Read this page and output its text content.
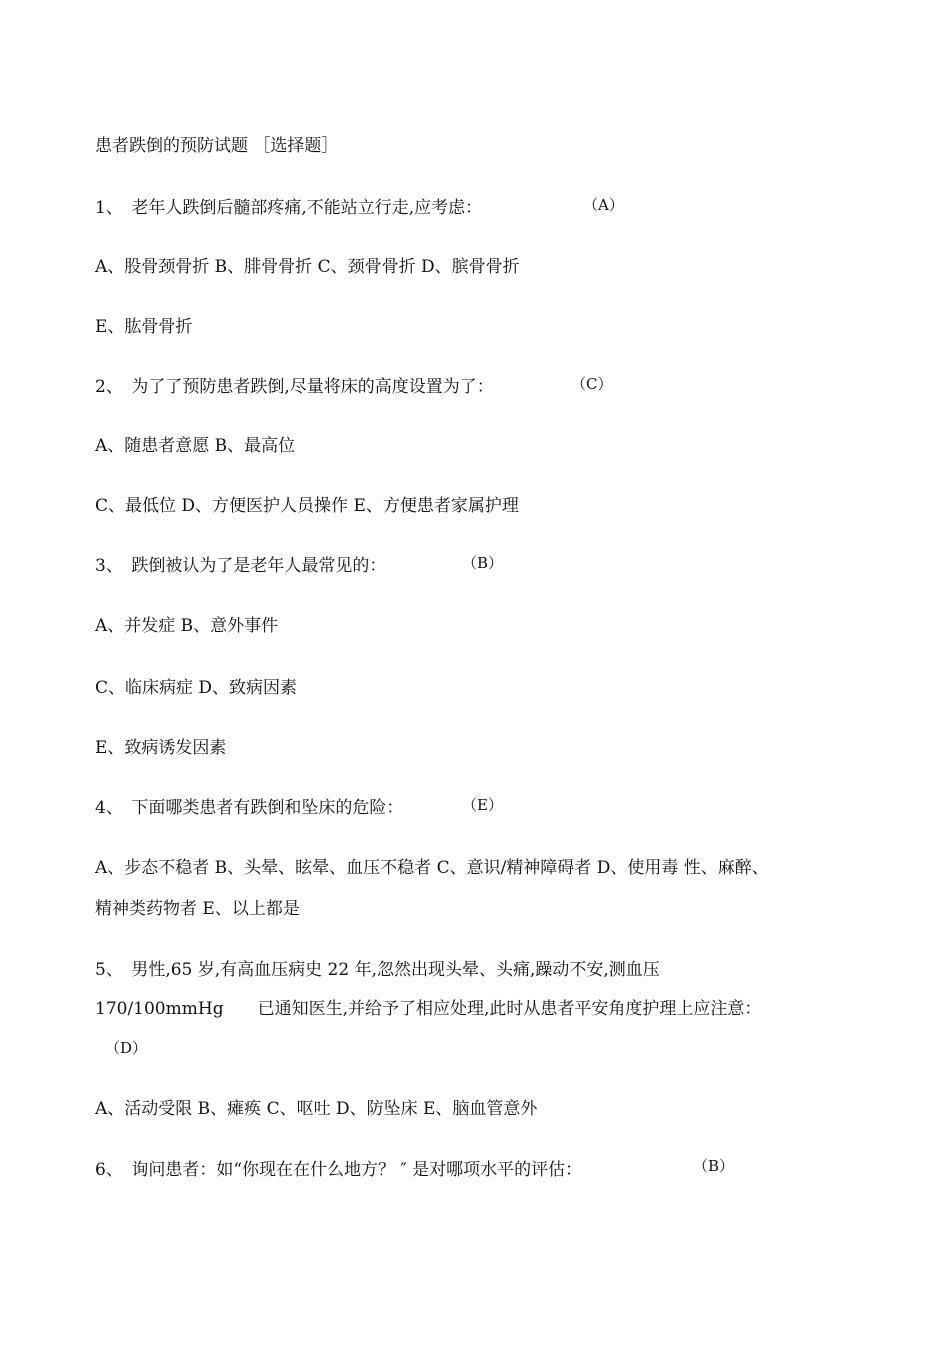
患者跌倒的预防试题 ［选择题］
1、　老年人跌倒后髓部疼痛,不能站立行走,应考虑：	（A）
A、股骨颈骨折 B、腓骨骨折 C、颈骨骨折 D、膑骨骨折
E、肱骨骨折
2、　为了了预防患者跌倒,尽量将床的高度设置为了：	（C）
A、随患者意愿 B、最高位
C、最低位 D、方便医护人员操作 E、方便患者家属护理
3、　跌倒被认为了是老年人最常见的：	（B）
A、并发症 B、意外事件
C、临床病症 D、致病因素
E、致病诱发因素
4、　下面哪类患者有跌倒和坠床的危险：	（E）
A、步态不稳者 B、头晕、眩晕、血压不稳者 C、意识/精神障碍者 D、使用毒 性、麻醉、
精神类药物者 E、以上都是
5、　男性,65 岁,有高血压病史 22 年,忽然出现头晕、头痛,躁动不安,测血压
170/100mmHg　　已通知医生,并给予了相应处理,此时从患者平安角度护理上应注意：
（D）
A、活动受限 B、瘫痪 C、呕吐 D、防坠床 E、脑血管意外
6、　询问患者：如“你现在在什么地方？ ″ 是对哪项水平的评估：	（B）
